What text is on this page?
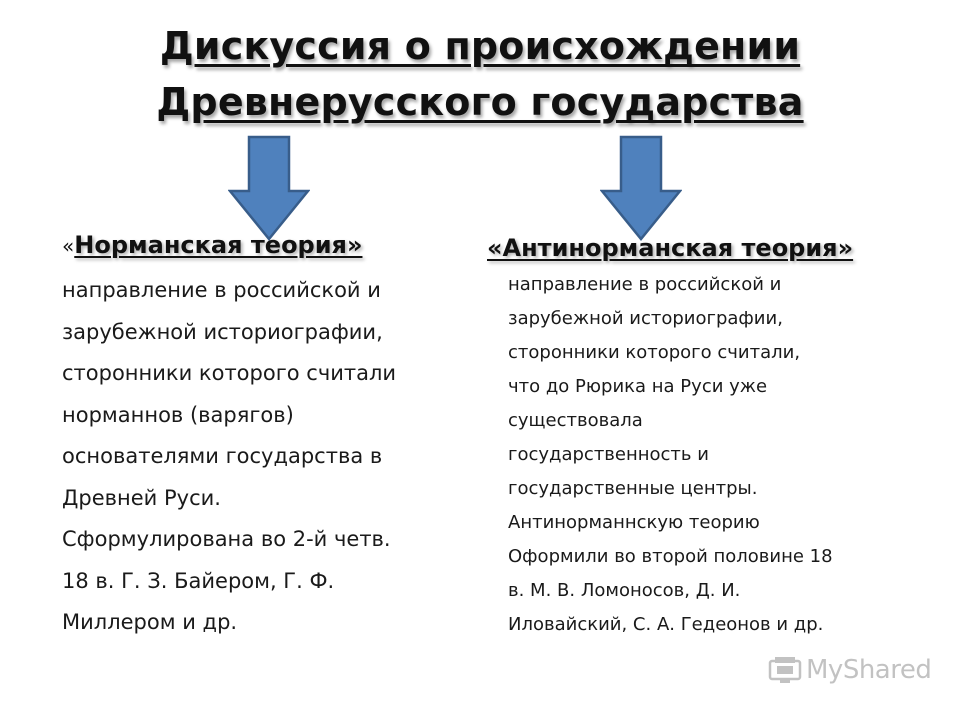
Дискуссия о происхождении
Древнерусского государства
«Норманская теория»	«Антинорманская теория»
направление в российской и
зарубежной историографии,
сторонники которого считали
норманнов (варягов)
основателями государства в
Древней Руси.
Сформулирована во 2-й четв.
18 в. Г. З. Байером, Г. Ф.
Миллером и др.
направление в российской и
зарубежной историографии,
сторонники которого считали,
что до Рюрика на Руси уже
существовала
государственность и
государственные центры.
Антинорманнскую теорию
Оформили во второй половине 18
в. М. В. Ломоносов, Д. И.
Иловайский, С. А. Гедеонов и др.
MyShared
